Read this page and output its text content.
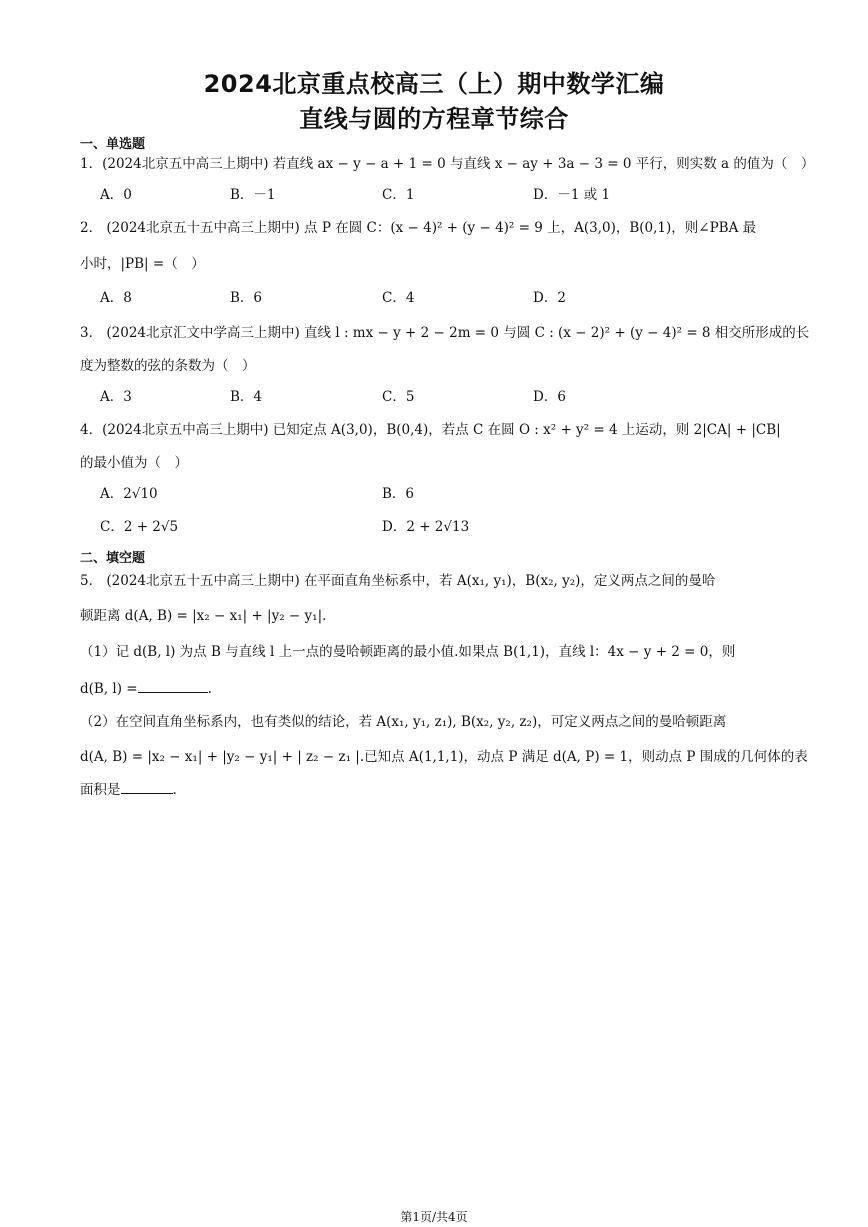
2024北京重点校高三（上）期中数学汇编
直线与圆的方程章节综合
一、单选题
1．(2024北京五中高三上期中) 若直线 ax − y − a + 1 = 0 与直线 x − ay + 3a − 3 = 0 平行，则实数 a 的值为（　）
A．0	B．－1	C．1	D．－1 或 1
2． (2024北京五十五中高三上期中) 点 P 在圆 C：(x − 4)² + (y − 4)² = 9 上，A(3,0)，B(0,1)，则∠PBA 最
小时，|PB| =（　）
A．8	B．6	C．4	D．2
3． (2024北京汇文中学高三上期中) 直线 l : mx − y + 2 − 2m = 0 与圆 C : (x − 2)² + (y − 4)² = 8 相交所形成的长
度为整数的弦的条数为（　）
A．3	B．4	C．5	D．6
4．(2024北京五中高三上期中) 已知定点 A(3,0)，B(0,4)，若点 C 在圆 O : x² + y² = 4 上运动，则 2|CA| + |CB|
的最小值为（　）
A．2√10	B．6
C．2 + 2√5	D．2 + 2√13
二、填空题
5． (2024北京五十五中高三上期中) 在平面直角坐标系中，若 A(x₁, y₁)，B(x₂, y₂)，定义两点之间的曼哈
顿距离 d(A, B) = |x₂ − x₁| + |y₂ − y₁|.
（1）记 d(B, l) 为点 B 与直线 l 上一点的曼哈顿距离的最小值.如果点 B(1,1)，直线 l：4x − y + 2 = 0，则
d(B, l) =	.
（2）在空间直角坐标系内，也有类似的结论，若 A(x₁, y₁, z₁), B(x₂, y₂, z₂)，可定义两点之间的曼哈顿距离
d(A, B) = |x₂ − x₁| + |y₂ − y₁| + | z₂ − z₁ |.已知点 A(1,1,1)，动点 P 满足 d(A, P) = 1，则动点 P 围成的几何体的表
面积是	.
第1页/共4页
